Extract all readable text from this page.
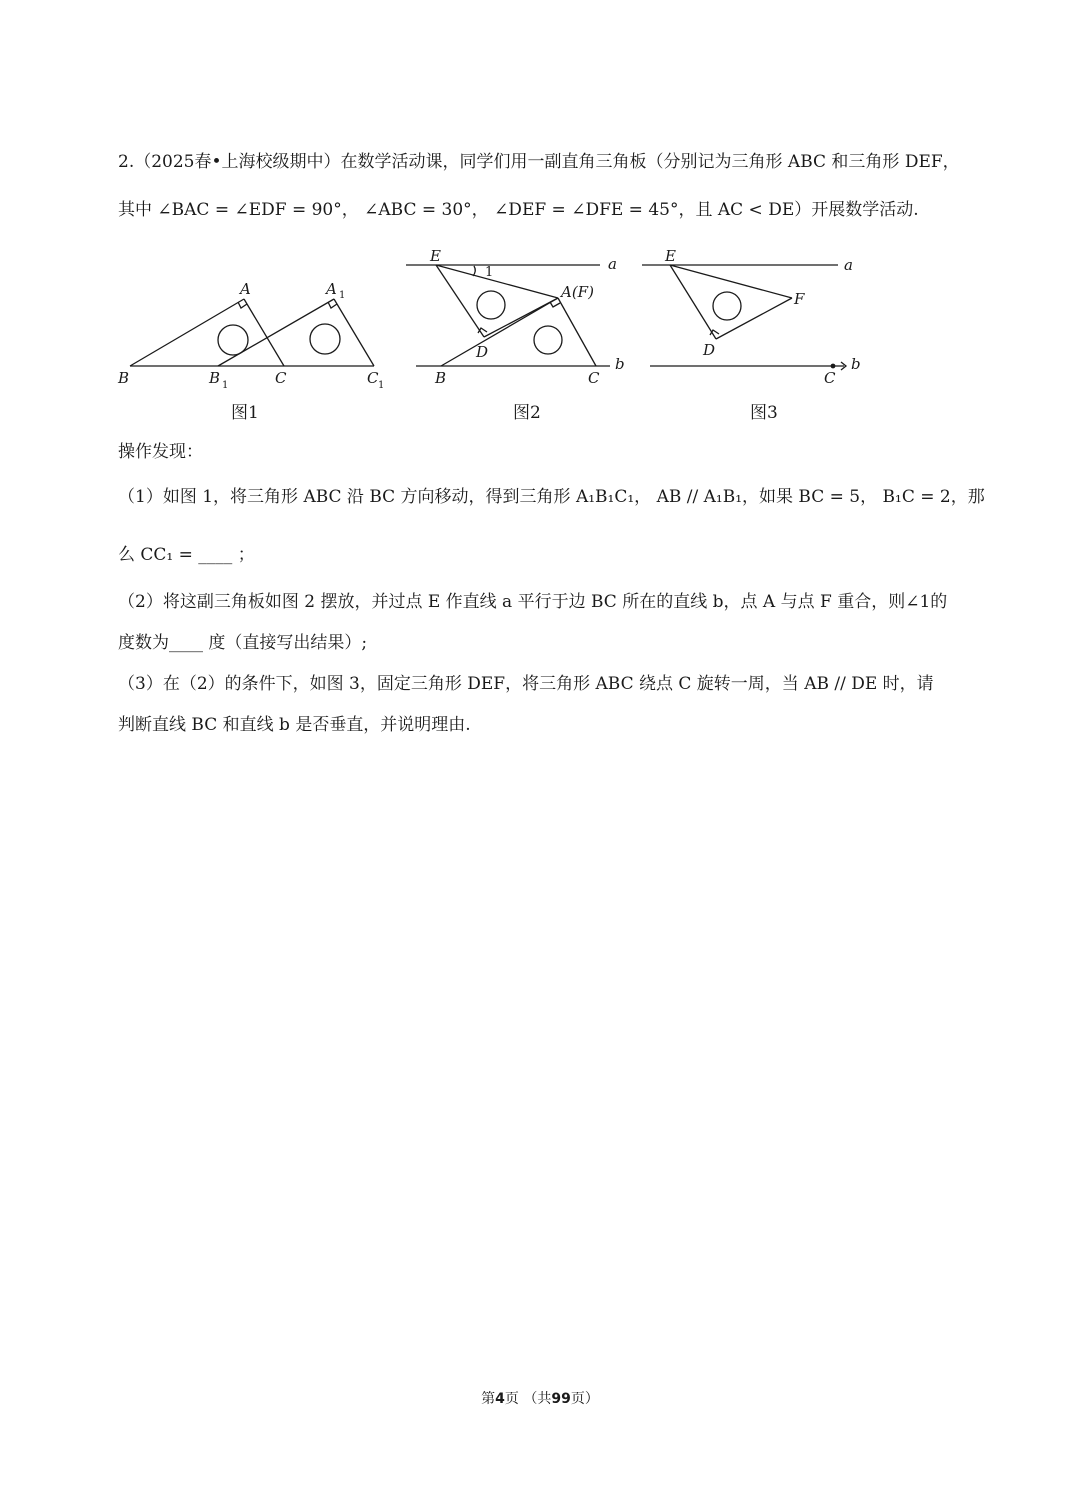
2.（2025春•上海校级期中）在数学活动课，同学们用一副直角三角板（分别记为三角形 ABC 和三角形 DEF，
其中 ∠BAC = ∠EDF = 90°， ∠ABC = 30°， ∠DEF = ∠DFE = 45°，且 AC < DE）开展数学活动.
A	A 1
B	B 1	C	C 1
E	a
1
A(F)
D
B	C
b
E	a
F
D
C
b
图1	图2	图3
操作发现：
（1）如图 1，将三角形 ABC 沿 BC 方向移动，得到三角形 A₁B₁C₁， AB // A₁B₁，如果 BC = 5， B₁C = 2，那
么 CC₁ = ____ ；
（2）将这副三角板如图 2 摆放，并过点 E 作直线 a 平行于边 BC 所在的直线 b，点 A 与点 F 重合，则∠1的
度数为____ 度（直接写出结果）;
（3）在（2）的条件下，如图 3，固定三角形 DEF，将三角形 ABC 绕点 C 旋转一周，当 AB // DE 时，请
判断直线 BC 和直线 b 是否垂直，并说明理由.
第4页 （共99页）
